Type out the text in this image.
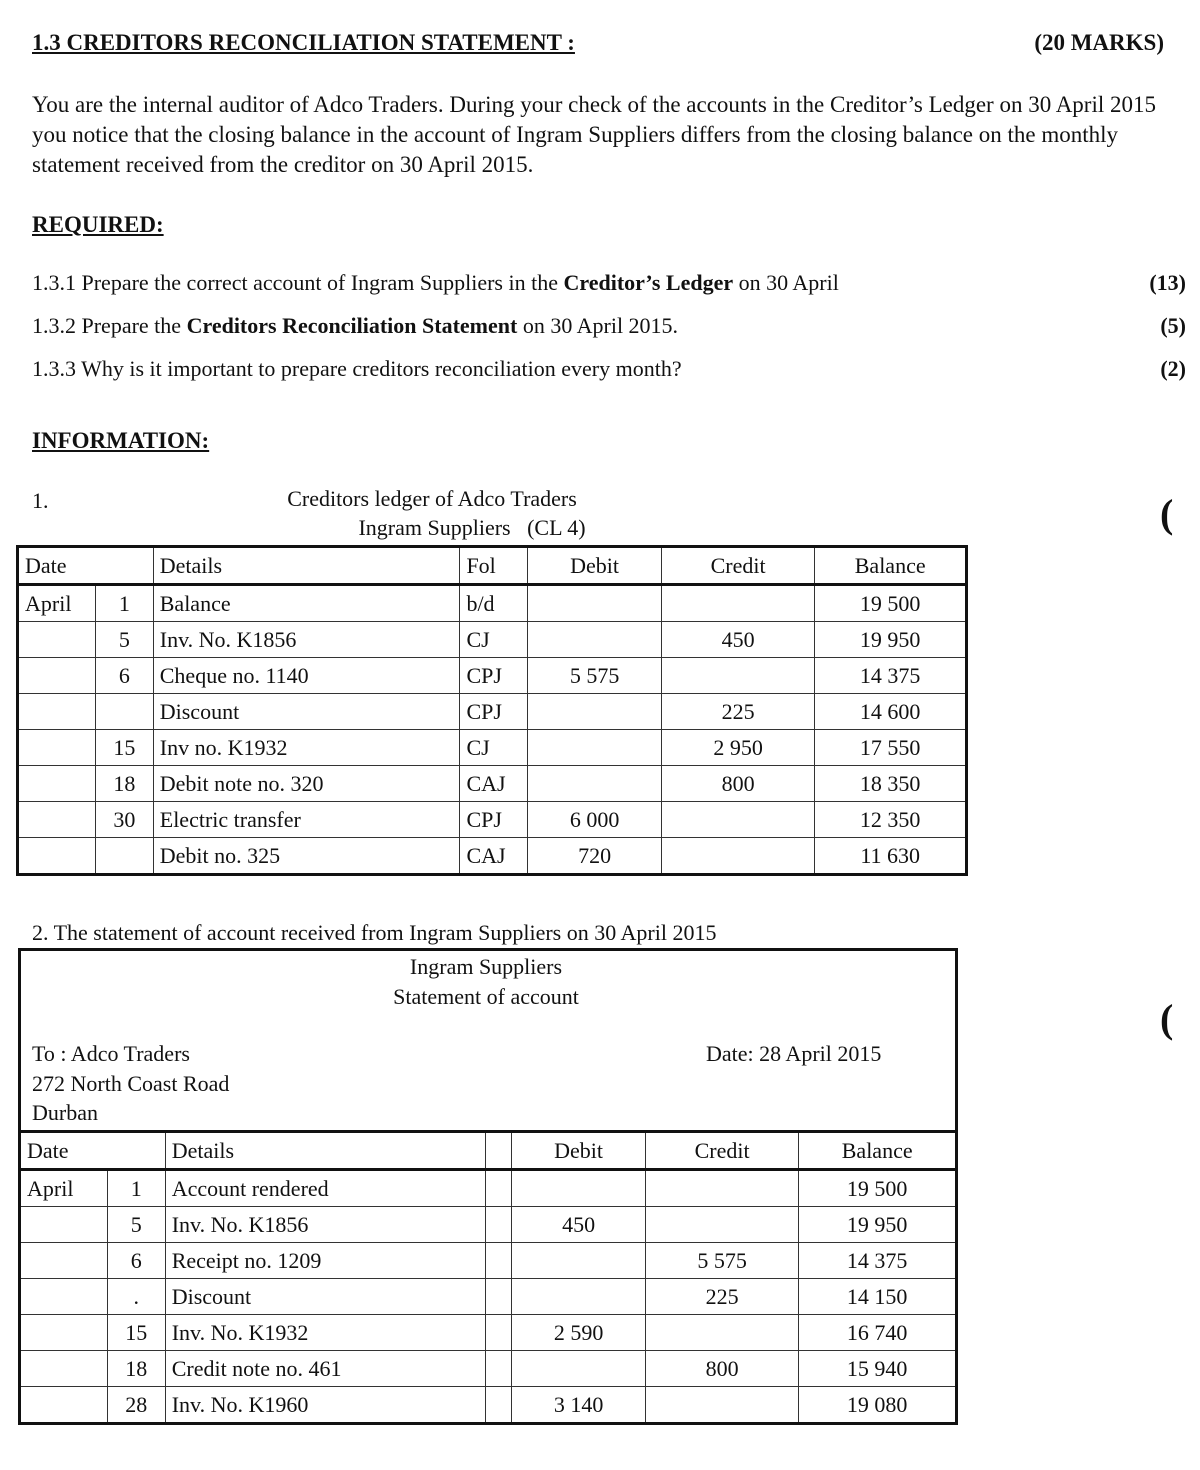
1.3 CREDITORS RECONCILIATION STATEMENT :	(20 MARKS)
You are the internal auditor of Adco Traders. During your check of the accounts in the Creditor’s Ledger on 30 April 2015 you notice that the closing balance in the account of Ingram Suppliers differs from the closing balance on the monthly statement received from the creditor on 30 April 2015.
REQUIRED:
1.3.1 Prepare the correct account of Ingram Suppliers in the Creditor’s Ledger on 30 April	(13)
1.3.2 Prepare the Creditors Reconciliation Statement on 30 April 2015.	(5)
1.3.3 Why is it important to prepare creditors reconciliation every month?	(2)
INFORMATION:
1.	Creditors ledger of Adco Traders
Ingram Suppliers   (CL 4)	(
(
Date		Details	Fol	Debit	Credit	Balance
April	1	Balance	b/d			19 500
	5	Inv. No. K1856	CJ		450	19 950
	6	Cheque no. 1140	CPJ	5 575		14 375
		Discount	CPJ		225	14 600
	15	Inv no. K1932	CJ		2 950	17 550
	18	Debit note no. 320	CAJ		800	18 350
	30	Electric transfer	CPJ	6 000		12 350
		Debit no. 325	CAJ	720		11 630
2. The statement of account received from Ingram Suppliers on 30 April 2015
Ingram Suppliers
Statement of account
To : Adco Traders
272 North Coast Road
Durban
Date: 28 April 2015
Date		Details		Debit	Credit	Balance
April	1	Account rendered				19 500
	5	Inv. No. K1856		450		19 950
	6	Receipt no. 1209			5 575	14 375
	.	Discount			225	14 150
	15	Inv. No. K1932		2 590		16 740
	18	Credit note no. 461			800	15 940
	28	Inv. No. K1960		3 140		19 080
